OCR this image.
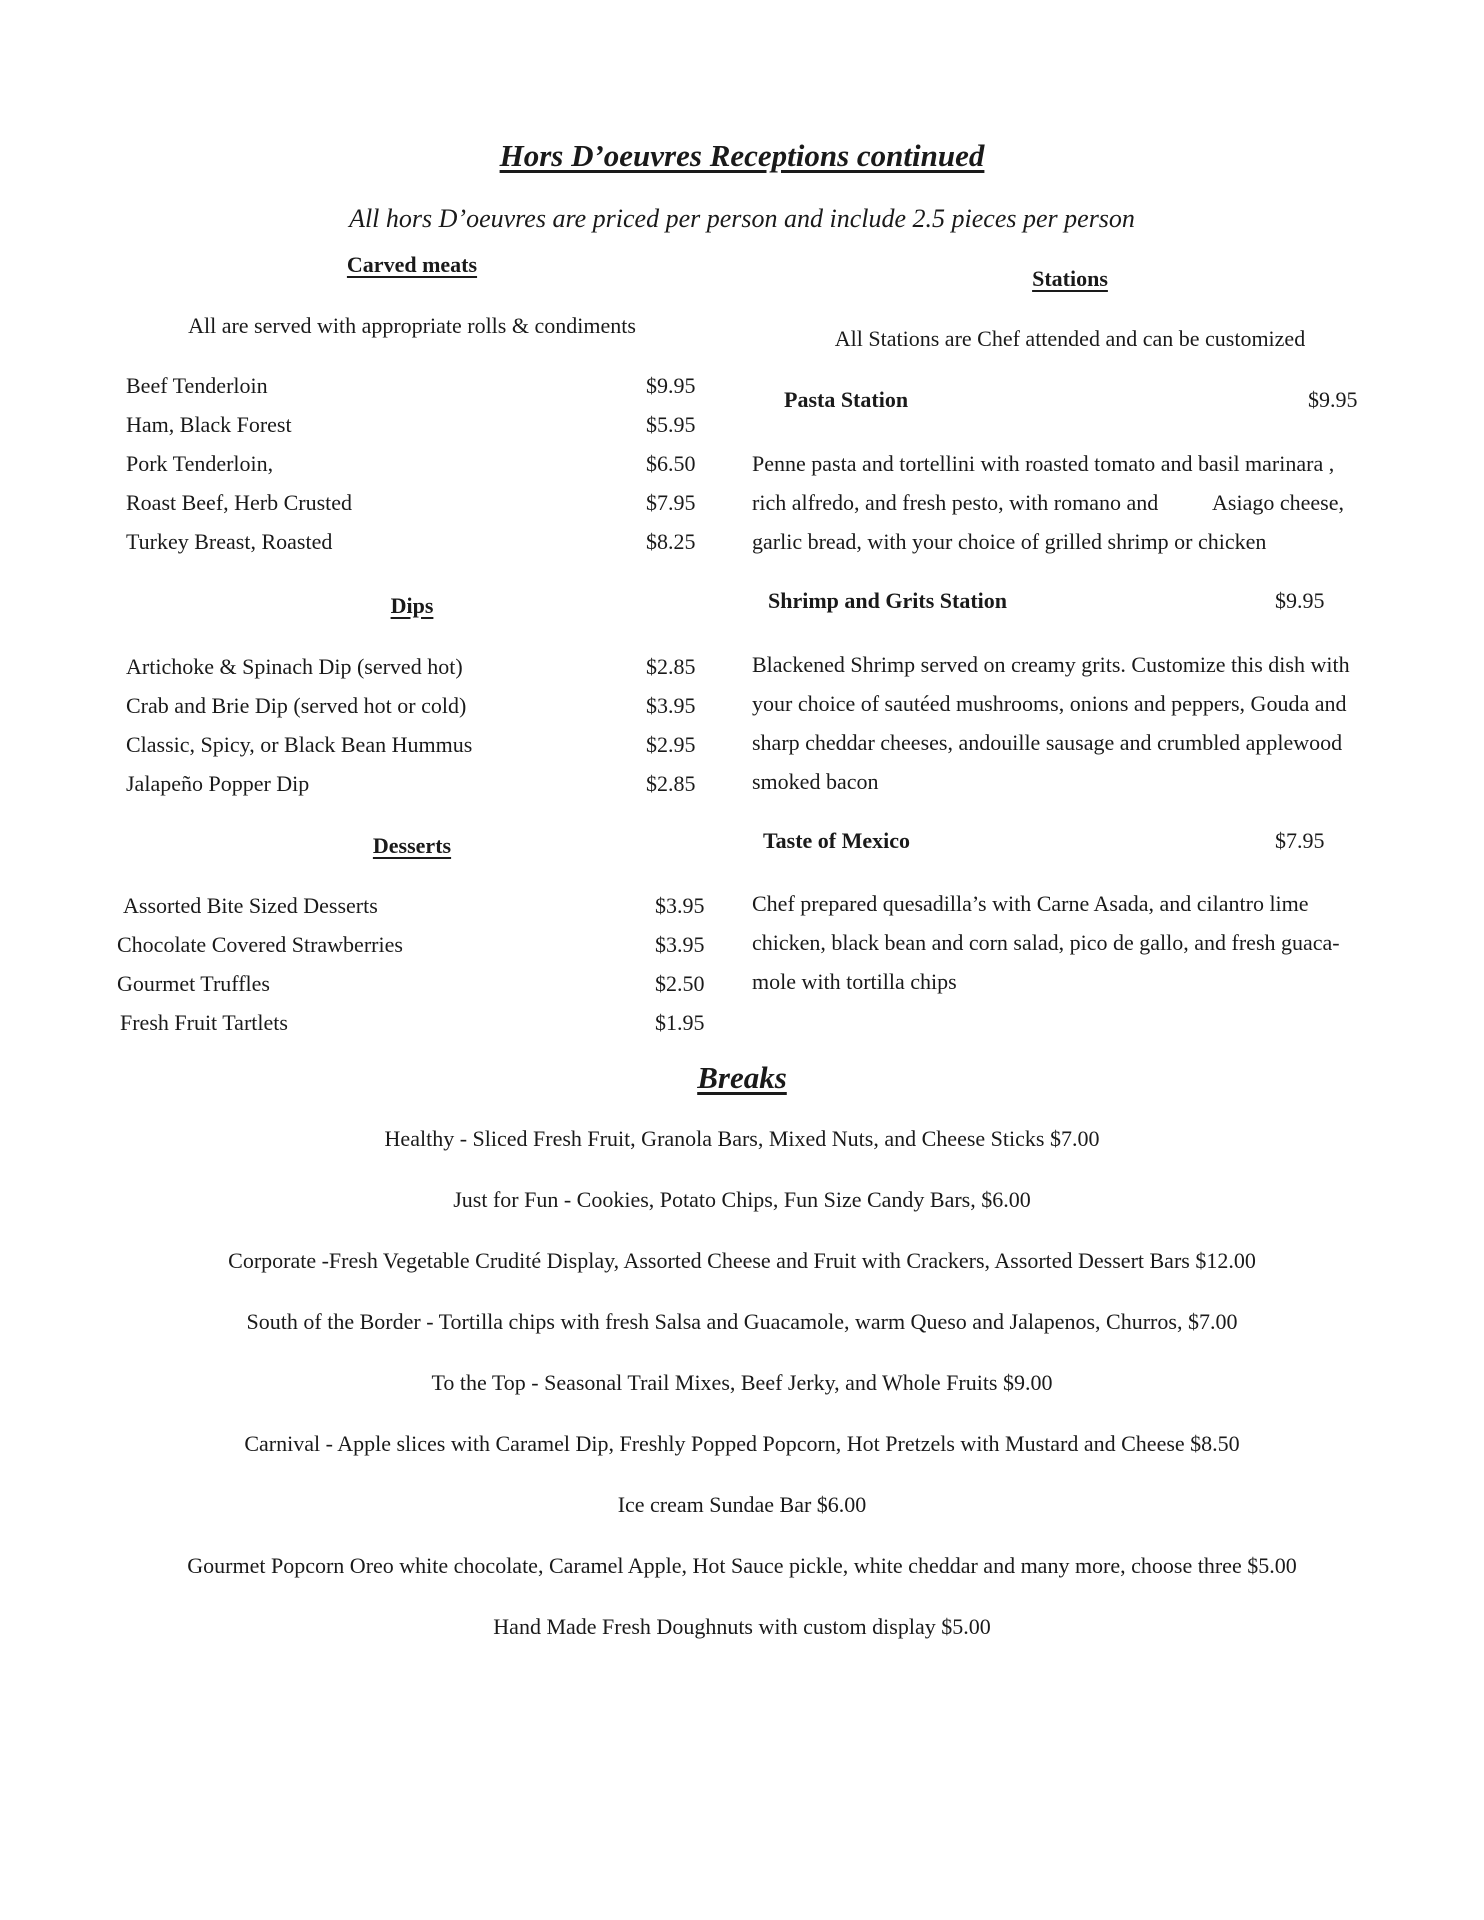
Hors D’oeuvres Receptions continued
All hors D’oeuvres are priced per person and include 2.5 pieces per person
Carved meats
All are served with appropriate rolls & condiments
Beef Tenderloin	$9.95
Ham, Black Forest	$5.95
Pork Tenderloin,	$6.50
Roast Beef, Herb Crusted	$7.95
Turkey Breast, Roasted	$8.25
Dips
Artichoke & Spinach Dip (served hot)	$2.85
Crab and Brie Dip (served hot or cold)	$3.95
Classic, Spicy, or Black Bean Hummus	$2.95
Jalapeño Popper Dip	$2.85
Desserts
Assorted Bite Sized Desserts	$3.95
Chocolate Covered Strawberries	$3.95
Gourmet Truffles	$2.50
Fresh Fruit Tartlets	$1.95
Stations
All Stations are Chef attended and can be customized
Pasta Station	$9.95
Penne pasta and tortellini with roasted tomato and basil marinara ,
rich alfredo, and fresh pesto, with romano and          Asiago cheese,
garlic bread, with your choice of grilled shrimp or chicken
Shrimp and Grits Station	$9.95
Blackened Shrimp served on creamy grits. Customize this dish with
your choice of sautéed mushrooms, onions and peppers, Gouda and
sharp cheddar cheeses, andouille sausage and crumbled applewood
smoked bacon
Taste of Mexico	$7.95
Chef prepared quesadilla’s with Carne Asada, and cilantro lime
chicken, black bean and corn salad, pico de gallo, and fresh guaca-
mole with tortilla chips
Breaks
Healthy - Sliced Fresh Fruit, Granola Bars, Mixed Nuts, and Cheese Sticks $7.00
Just for Fun - Cookies, Potato Chips, Fun Size Candy Bars, $6.00
Corporate -Fresh Vegetable Crudité Display, Assorted Cheese and Fruit with Crackers, Assorted Dessert Bars $12.00
South of the Border - Tortilla chips with fresh Salsa and Guacamole, warm Queso and Jalapenos, Churros, $7.00
To the Top - Seasonal Trail Mixes, Beef Jerky, and Whole Fruits $9.00
Carnival - Apple slices with Caramel Dip, Freshly Popped Popcorn, Hot Pretzels with Mustard and Cheese $8.50
Ice cream Sundae Bar $6.00
Gourmet Popcorn Oreo white chocolate, Caramel Apple, Hot Sauce pickle, white cheddar and many more, choose three $5.00
Hand Made Fresh Doughnuts with custom display $5.00
